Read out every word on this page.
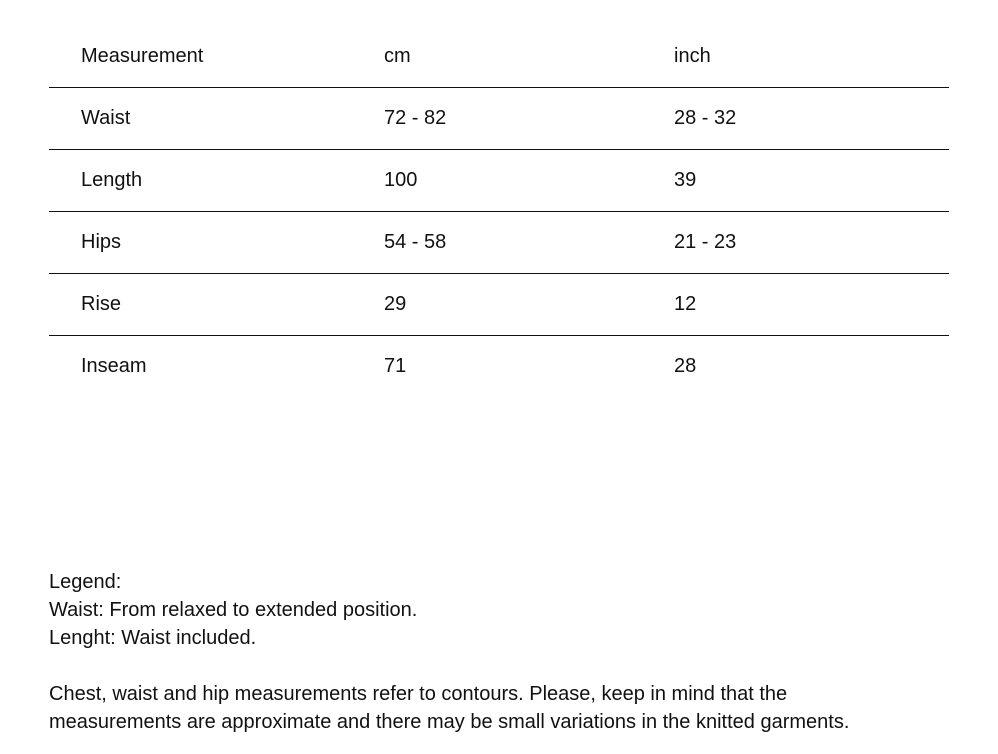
Measurement	cm	inch
Waist	72 - 82	28 - 32
Length	100	39
Hips	54 - 58	21 - 23
Rise	29	12
Inseam	71	28

Legend:

Waist: From relaxed to extended position.

Lenght: Waist included.

Chest, waist and hip measurements refer to contours. Please, keep in mind that the

measurements are approximate and there may be small variations in the knitted garments.
